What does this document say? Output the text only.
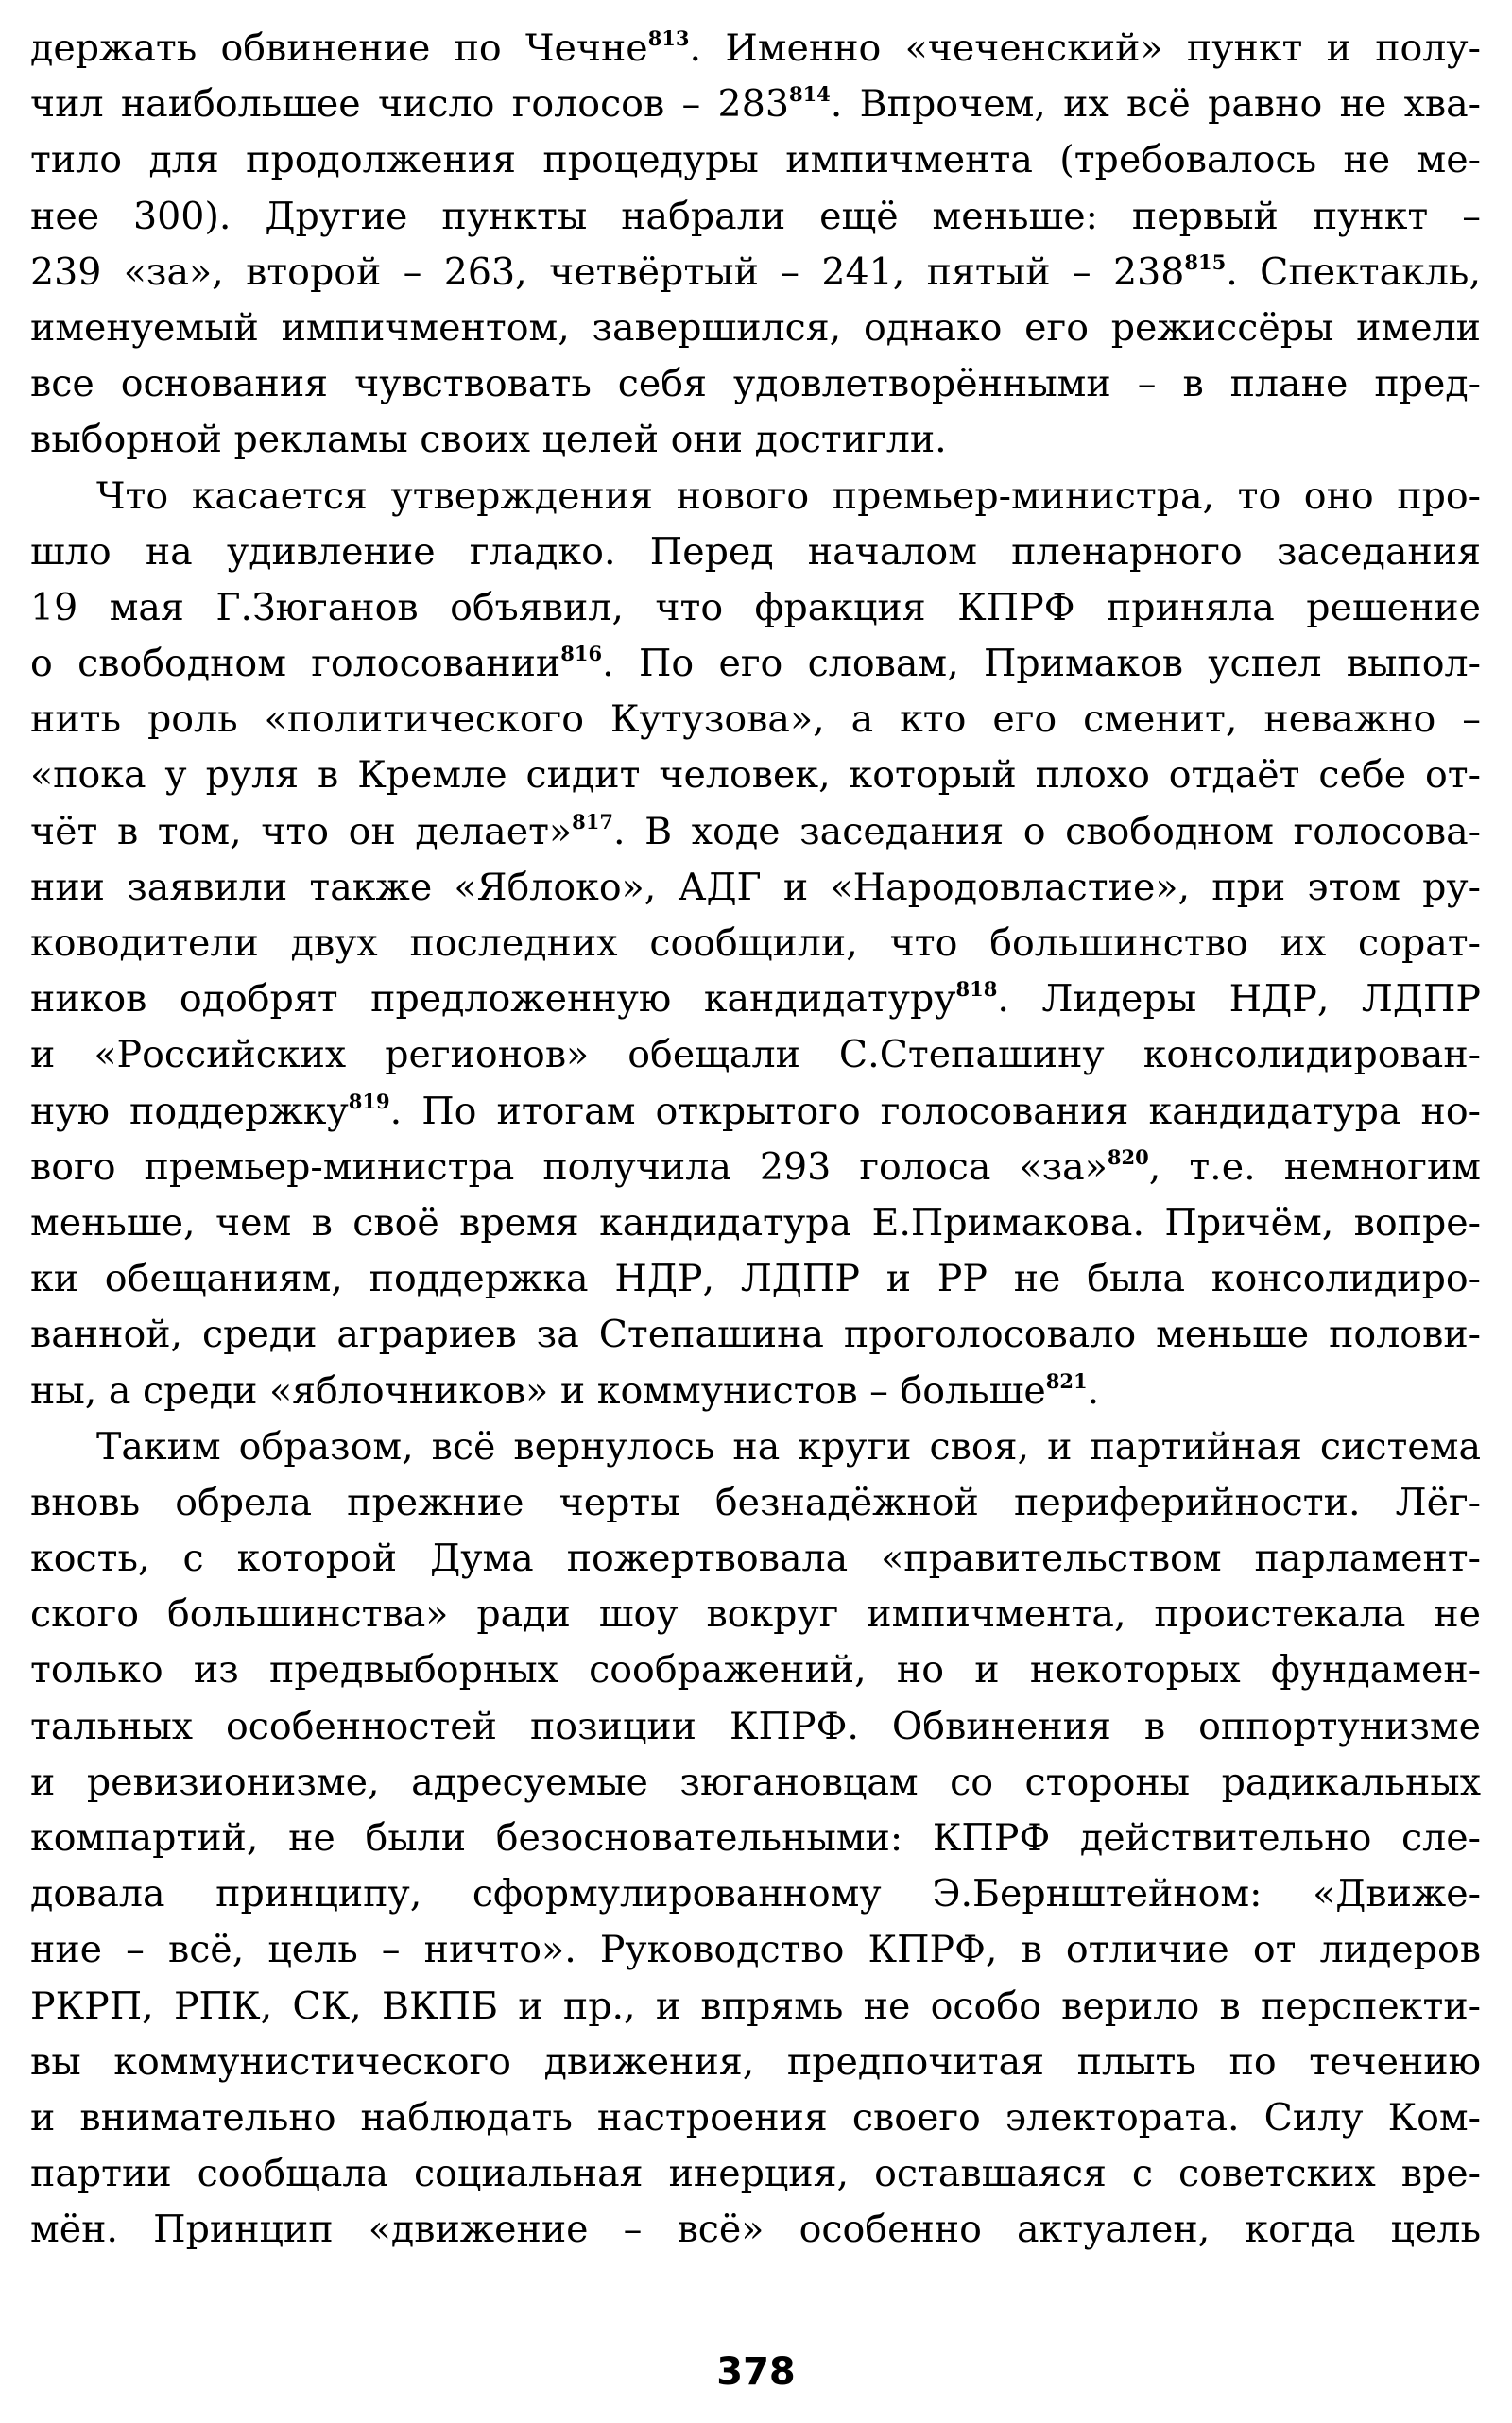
держать обвинение по Чечне$^{813}$. Именно «чеченский» пункт и полу-
чил наибольшее число голосов – $283^{814}$. Впрочем, их всё равно не хва-
тило для продолжения процедуры импичмента (требовалось не ме-
нее 300). Другие пункты набрали ещё меньше: первый пункт –
239 «за», второй – 263, четвёртый – 241, пятый – $238^{815}$. Спектакль,
именуемый импичментом, завершился, однако его режиссёры имели
все основания чувствовать себя удовлетворёнными – в плане пред-
выборной рекламы своих целей они достигли.
Что касается утверждения нового премьер-министра, то оно про-
шло на удивление гладко. Перед началом пленарного заседания
19 мая Г.Зюганов объявил, что фракция КПРФ приняла решение
о свободном голосовании$^{816}$. По его словам, Примаков успел выпол-
нить роль «политического Кутузова», а кто его сменит, неважно –
«пока у руля в Кремле сидит человек, который плохо отдаёт себе от-
чёт в том, что он делает»$^{817}$. В ходе заседания о свободном голосова-
нии заявили также «Яблоко», АДГ и «Народовластие», при этом ру-
ководители двух последних сообщили, что большинство их сорат-
ников одобрят предложенную кандидатуру$^{818}$. Лидеры НДР, ЛДПР
и «Российских регионов» обещали С.Степашину консолидирован-
ную поддержку$^{819}$. По итогам открытого голосования кандидатура но-
вого премьер-министра получила 293 голоса «за»$^{820}$, т.е. немногим
меньше, чем в своё время кандидатура Е.Примакова. Причём, вопре-
ки обещаниям, поддержка НДР, ЛДПР и РР не была консолидиро-
ванной, среди аграриев за Степашина проголосовало меньше полови-
ны, а среди «яблочников» и коммунистов – больше$^{821}$.
Таким образом, всё вернулось на круги своя, и партийная система
вновь обрела прежние черты безнадёжной периферийности. Лёг-
кость, с которой Дума пожертвовала «правительством парламент-
ского большинства» ради шоу вокруг импичмента, проистекала не
только из предвыборных соображений, но и некоторых фундамен-
тальных особенностей позиции КПРФ. Обвинения в оппортунизме
и ревизионизме, адресуемые зюгановцам со стороны радикальных
компартий, не были безосновательными: КПРФ действительно сле-
довала принципу, сформулированному Э.Бернштейном: «Движе-
ние – всё, цель – ничто». Руководство КПРФ, в отличие от лидеров
РКРП, РПК, СК, ВКПБ и пр., и впрямь не особо верило в перспекти-
вы коммунистического движения, предпочитая плыть по течению
и внимательно наблюдать настроения своего электората. Силу Ком-
партии сообщала социальная инерция, оставшаяся с советских вре-
мён. Принцип «движение – всё» особенно актуален, когда цель
378
